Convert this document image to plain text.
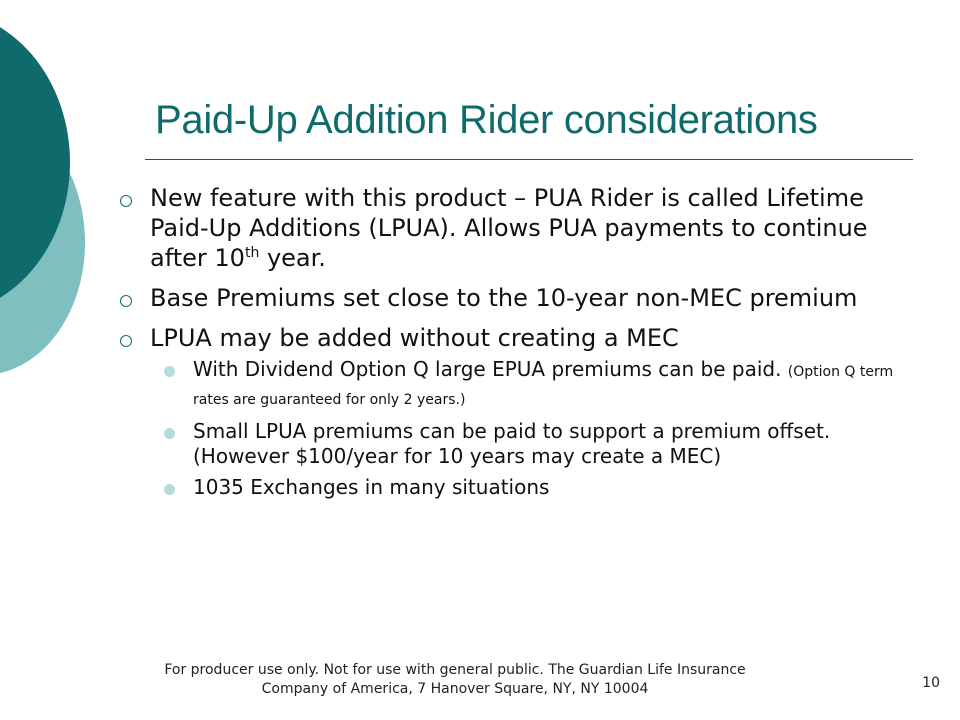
Paid-Up Addition Rider considerations
New feature with this product – PUA Rider is called Lifetime Paid-Up Additions (LPUA). Allows PUA payments to continue after 10th year.
Base Premiums set close to the 10-year non-MEC premium
LPUA may be added without creating a MEC
With Dividend Option Q large EPUA premiums can be paid. (Option Q term rates are guaranteed for only 2 years.)
Small LPUA premiums can be paid to support a premium offset. (However $100/year for 10 years may create a MEC)
1035 Exchanges in many situations
For producer use only. Not for use with general public. The Guardian Life Insurance
Company of America, 7 Hanover Square, NY, NY 10004	10
